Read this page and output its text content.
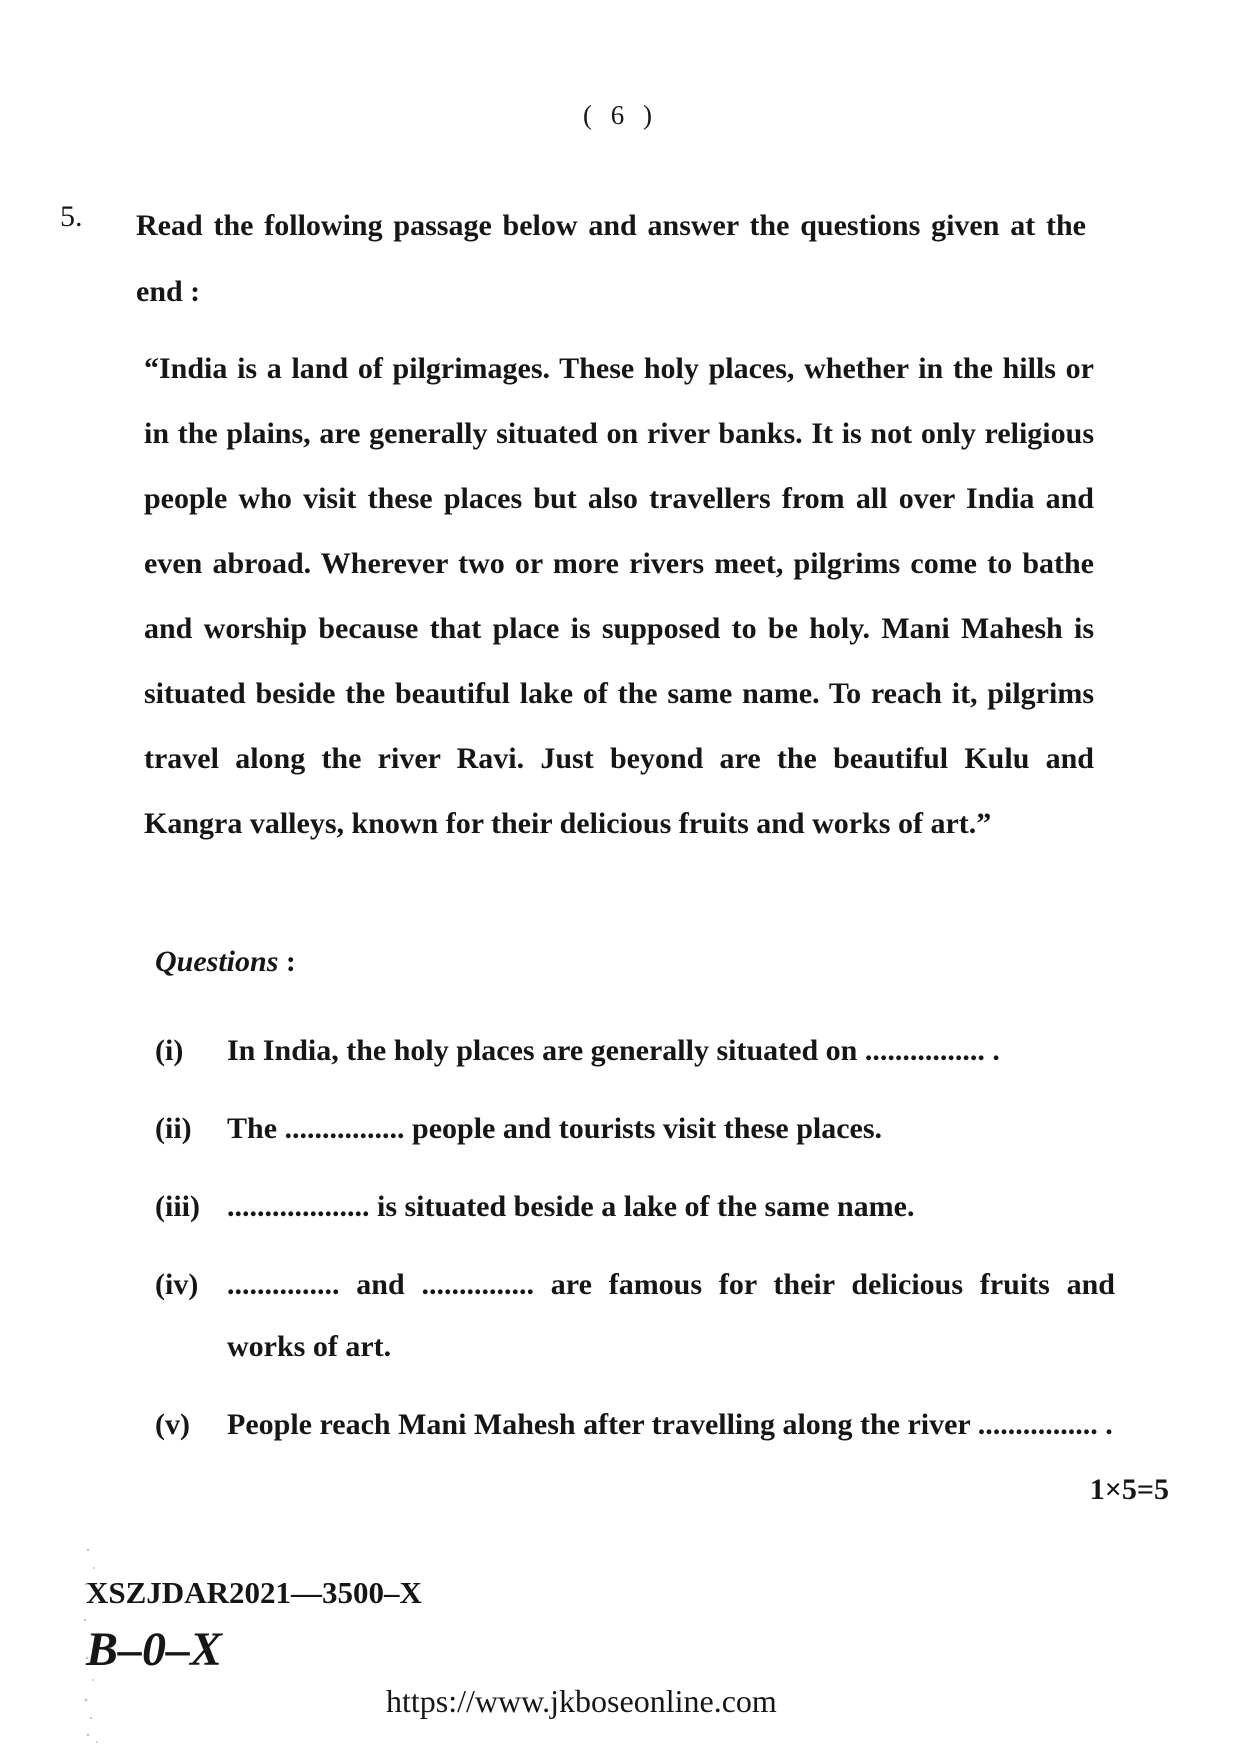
( 6 )
5. Read the following passage below and answer the questions given at the end :
“India is a land of pilgrimages. These holy places, whether in the hills or in the plains, are generally situated on river banks. It is not only religious people who visit these places but also travellers from all over India and even abroad. Wherever two or more rivers meet, pilgrims come to bathe and worship because that place is supposed to be holy. Mani Mahesh is situated beside the beautiful lake of the same name. To reach it, pilgrims travel along the river Ravi. Just beyond are the beautiful Kulu and Kangra valleys, known for their delicious fruits and works of art.”
Questions :
(i)	In India, the holy places are generally situated on ................ .
(ii)	The ................ people and tourists visit these places.
(iii) ................... is situated beside a lake of the same name.
(iv) ............... and ............... are famous for their delicious fruits and works of art.
(v)	People reach Mani Mahesh after travelling along the river ................ .
1×5=5
XSZJDAR2021—3500–X
B–0–X
https://www.jkboseonline.com
